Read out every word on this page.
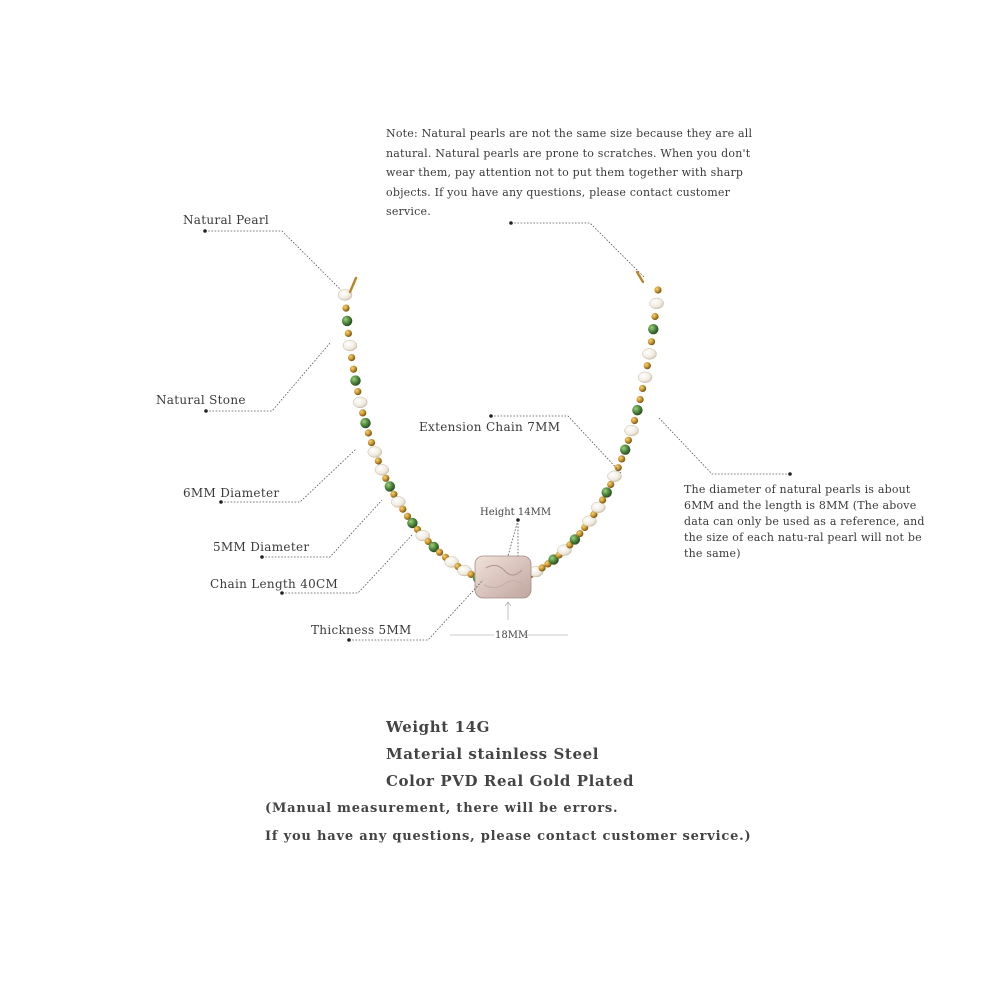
Note: Natural pearls are not the same size because they are all natural. Natural pearls are prone to scratches. When you don't wear them, pay attention not to put them together with sharp objects. If you have any questions, please contact customer service.
Natural Pearl
Natural Stone
6MM Diameter
5MM Diameter
Chain Length 40CM
Thickness 5MM
Extension Chain 7MM
Height 14MM
18MM
The diameter of natural pearls is about 6MM and the length is 8MM (The above data can only be used as a reference, and the size of each natu-ral pearl will not be the same)
Weight 14G
Material stainless Steel
Color PVD Real Gold Plated
(Manual measurement, there will be errors.
If you have any questions, please contact customer service.)
